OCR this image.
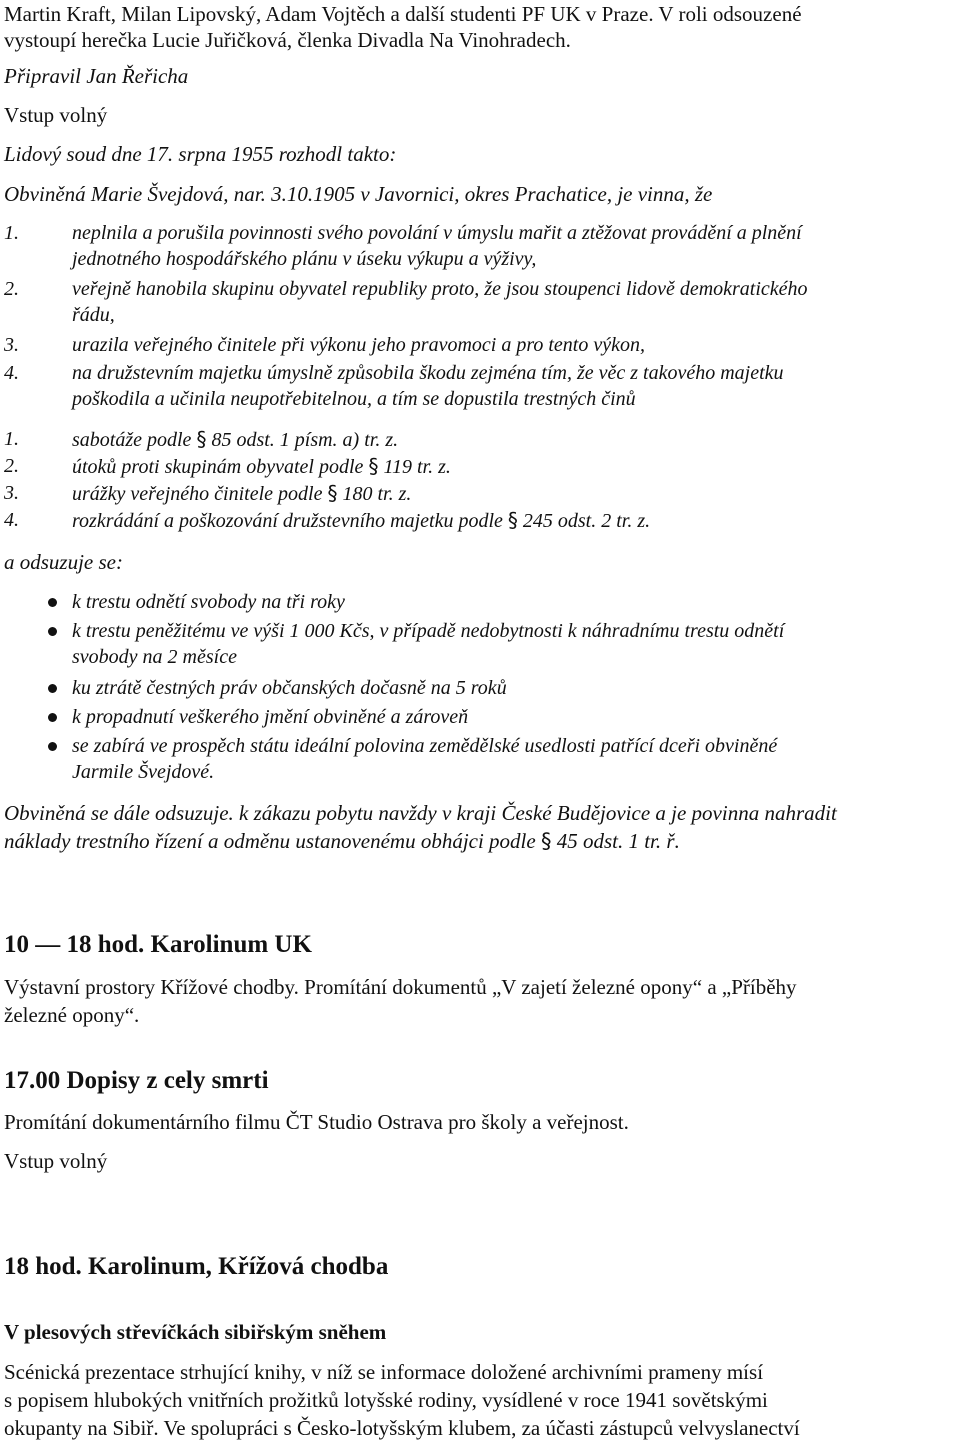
Martin Kraft, Milan Lipovský, Adam Vojtěch a další studenti PF UK v Praze. V roli odsouzené
vystoupí herečka Lucie Juřičková, členka Divadla Na Vinohradech.
Připravil Jan Řeřicha
Vstup volný
Lidový soud dne 17. srpna 1955 rozhodl takto:
Obviněná Marie Švejdová, nar. 3.10.1905 v Javornici, okres Prachatice, je vinna, že
1.	neplnila a porušila povinnosti svého povolání v úmyslu mařit a ztěžovat provádění a plnění
jednotného hospodářského plánu v úseku výkupu a výživy,
2.	veřejně hanobila skupinu obyvatel republiky proto, že jsou stoupenci lidově demokratického
řádu,
3.	urazila veřejného činitele při výkonu jeho pravomoci a pro tento výkon,
4.	na družstevním majetku úmyslně způsobila škodu zejména tím, že věc z takového majetku
poškodila a učinila neupotřebitelnou, a tím se dopustila trestných činů
1.	sabotáže podle § 85 odst. 1 písm. a) tr. z.
2.	útoků proti skupinám obyvatel podle § 119 tr. z.
3.	urážky veřejného činitele podle § 180 tr. z.
4.	rozkrádání a poškozování družstevního majetku podle § 245 odst. 2 tr. z.
a odsuzuje se:
k trestu odnětí svobody na tři roky
k trestu peněžitému ve výši 1 000 Kčs, v případě nedobytnosti k náhradnímu trestu odnětí
svobody na 2 měsíce
ku ztrátě čestných práv občanských dočasně na 5 roků
k propadnutí veškerého jmění obviněné a zároveň
se zabírá ve prospěch státu ideální polovina zemědělské usedlosti patřící dceři obviněné
Jarmile Švejdové.
Obviněná se dále odsuzuje. k zákazu pobytu navždy v kraji České Budějovice a je povinna nahradit
náklady trestního řízení a odměnu ustanovenému obhájci podle § 45 odst. 1 tr. ř.
10 — 18 hod. Karolinum UK
Výstavní prostory Křížové chodby. Promítání dokumentů „V zajetí železné opony“ a „Příběhy
železné opony“.
17.00 Dopisy z cely smrti
Promítání dokumentárního filmu ČT Studio Ostrava pro školy a veřejnost.
Vstup volný
18 hod. Karolinum, Křížová chodba
V plesových střevíčkách sibiřským sněhem
Scénická prezentace strhující knihy, v níž se informace doložené archivními prameny mísí
s popisem hlubokých vnitřních prožitků lotyšské rodiny, vysídlené v roce 1941 sovětskými
okupanty na Sibiř. Ve spolupráci s Česko-lotyšským klubem, za účasti zástupců velvyslanectví
